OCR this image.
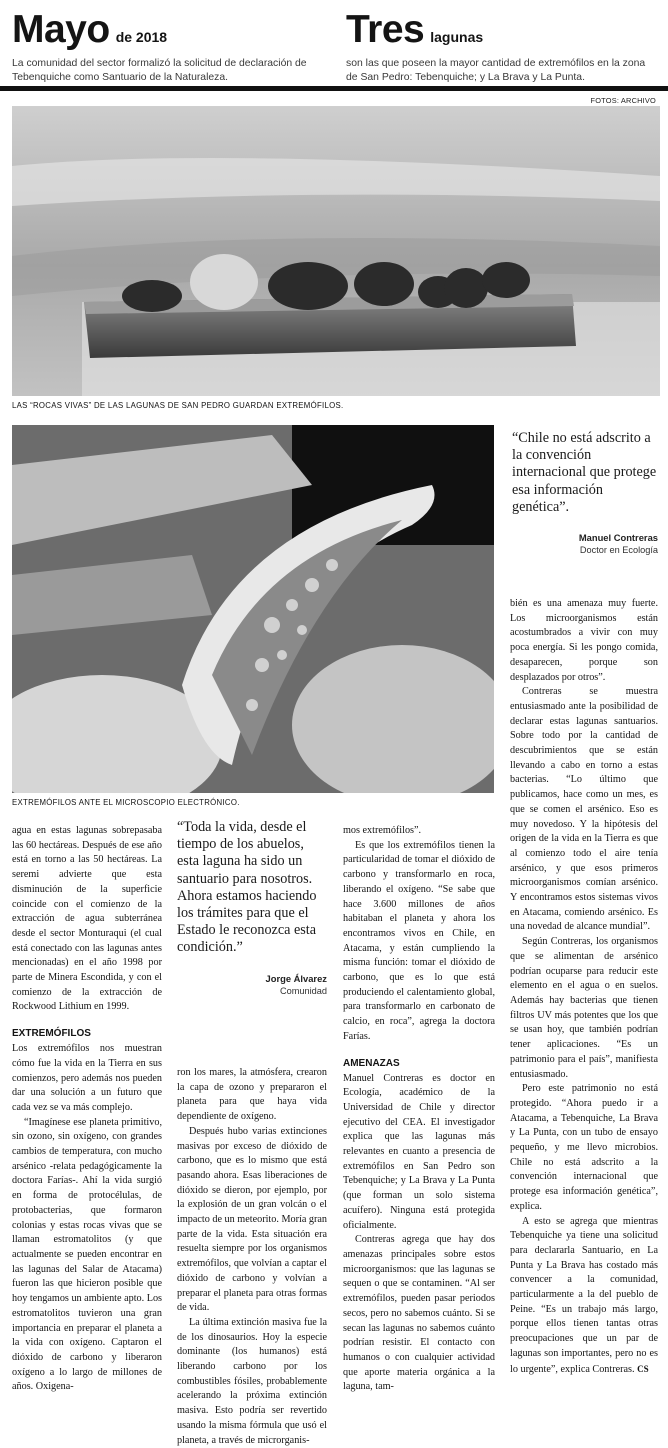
Mayo de 2018
La comunidad del sector formalizó la solicitud de declaración de Tebenquiche como Santuario de la Naturaleza.
Tres lagunas
son las que poseen la mayor cantidad de extremófilos en la zona de San Pedro: Tebenquiche; y La Brava y La Punta.
FOTOS: ARCHIVO
LAS “ROCAS VIVAS” DE LAS LAGUNAS DE SAN PEDRO GUARDAN EXTREMÓFILOS.
EXTREMÓFILOS ANTE EL MICROSCOPIO ELECTRÓNICO.
“Chile no está adscrito a la convención internacional que protege esa información genética”.
Manuel Contreras
Doctor en Ecología

bién es una amenaza muy fuerte. Los microorganismos están acostumbrados a vivir con muy poca energía. Si les pongo comida, desaparecen, porque son desplazados por otros”.

Contreras se muestra entusiasmado ante la posibilidad de declarar estas lagunas santuarios. Sobre todo por la cantidad de descubrimientos que se están llevando a cabo en torno a estas bacterias. “Lo último que publicamos, hace como un mes, es que se comen el arsénico. Eso es muy novedoso. Y la hipótesis del origen de la vida en la Tierra es que al comienzo todo el aire tenía arsénico, y que esos primeros microorganismos comían arsénico. Y encontramos estos sistemas vivos en Atacama, comiendo arsénico. Es una novedad de alcance mundial”.

Según Contreras, los organismos que se alimentan de arsénico podrían ocuparse para reducir este elemento en el agua o en suelos. Además hay bacterias que tienen filtros UV más potentes que los que se usan hoy, que también podrían tener aplicaciones. “Es un patrimonio para el país”, manifiesta entusiasmado.

Pero este patrimonio no está protegido. “Ahora puedo ir a Atacama, a Tebenquiche, La Brava y La Punta, con un tubo de ensayo pequeño, y me llevo microbios. Chile no está adscrito a la convención internacional que protege esa información genética”, explica.

A esto se agrega que mientras Tebenquiche ya tiene una solicitud para declararla Santuario, en La Punta y La Brava has costado más convencer a la comunidad, particularmente a la del pueblo de Peine. “Es un trabajo más largo, porque ellos tienen tantas otras preocupaciones que un par de lagunas son importantes, pero no es lo urgente”, explica Contreras. CS

agua en estas lagunas sobrepasaba las 60 hectáreas. Después de ese año está en torno a las 50 hectáreas. La seremi advierte que esta disminución de la superficie coincide con el comienzo de la extracción de agua subterránea desde el sector Monturaqui (el cual está conectado con las lagunas antes mencionadas) en el año 1998 por parte de Minera Escondida, y con el comienzo de la extracción de Rockwood Lithium en 1999.

EXTREMÓFILOS

Los extremófilos nos muestran cómo fue la vida en la Tierra en sus comienzos, pero además nos pueden dar una solución a un futuro que cada vez se va más complejo.

“Imagínese ese planeta primitivo, sin ozono, sin oxígeno, con grandes cambios de temperatura, con mucho arsénico -relata pedagógicamente la doctora Farías-. Ahí la vida surgió en forma de protocélulas, de protobacterias, que formaron colonias y estas rocas vivas que se llaman estromatolitos (y que actualmente se pueden encontrar en las lagunas del Salar de Atacama) fueron las que hicieron posible que hoy tengamos un ambiente apto. Los estromatolitos tuvieron una gran importancia en preparar el planeta a la vida con oxígeno. Captaron el dióxido de carbono y liberaron oxígeno a lo largo de millones de años. Oxigena-

“Toda la vida, desde el tiempo de los abuelos, esta laguna ha sido un santuario para nosotros. Ahora estamos haciendo los trámites para que el Estado le reconozca esta condición.”
Jorge Álvarez
Comunidad

ron los mares, la atmósfera, crearon la capa de ozono y prepararon el planeta para que haya vida dependiente de oxígeno.

Después hubo varias extinciones masivas por exceso de dióxido de carbono, que es lo mismo que está pasando ahora. Esas liberaciones de dióxido se dieron, por ejemplo, por la explosión de un gran volcán o el impacto de un meteorito. Moría gran parte de la vida. Esta situación era resuelta siempre por los organismos extremófilos, que volvían a captar el dióxido de carbono y volvían a preparar el planeta para otras formas de vida.

La última extinción masiva fue la de los dinosaurios. Hoy la especie dominante (los humanos) está liberando carbono por los combustibles fósiles, probablemente acelerando la próxima extinción masiva. Esto podría ser revertido usando la misma fórmula que usó el planeta, a través de microrganis-

mos extremófilos”.

Es que los extremófilos tienen la particularidad de tomar el dióxido de carbono y transformarlo en roca, liberando el oxígeno. “Se sabe que hace 3.600 millones de años habitaban el planeta y ahora los encontramos vivos en Chile, en Atacama, y están cumpliendo la misma función: tomar el dióxido de carbono, que es lo que está produciendo el calentamiento global, para transformarlo en carbonato de calcio, en roca”, agrega la doctora Farías.

AMENAZAS

Manuel Contreras es doctor en Ecología, académico de la Universidad de Chile y director ejecutivo del CEA. El investigador explica que las lagunas más relevantes en cuanto a presencia de extremófilos en San Pedro son Tebenquiche; y La Brava y La Punta (que forman un solo sistema acuífero). Ninguna está protegida oficialmente.

Contreras agrega que hay dos amenazas principales sobre estos microorganismos: que las lagunas se sequen o que se contaminen. “Al ser extremófilos, pueden pasar periodos secos, pero no sabemos cuánto. Si se secan las lagunas no sabemos cuánto podrían resistir. El contacto con humanos o con cualquier actividad que aporte materia orgánica a la laguna, tam-
